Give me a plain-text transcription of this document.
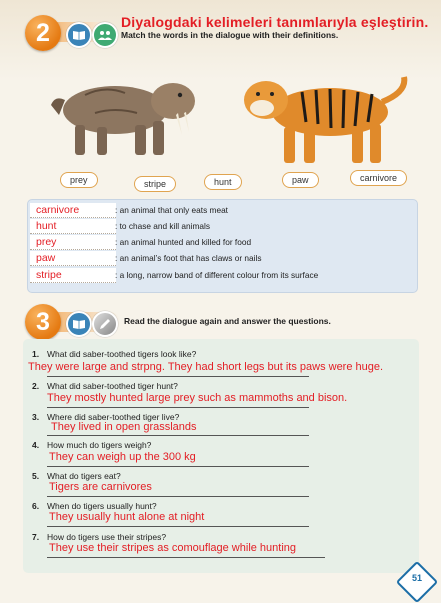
2	Diyalogdaki kelimeleri tanımlarıyla eşleştirin.
Match the words in the dialogue with their definitions.
prey	stripe	hunt	paw	carnivore
carnivore	: an animal that only eats meat
hunt	: to chase and kill animals
prey	: an animal hunted and killed for food
paw	: an animal’s foot that has claws or nails
stripe	: a long, narrow band of different colour from its surface
3	Read the dialogue again and answer the questions.
1. What did saber-toothed tigers look like?
They were large and strpng. They had short legs but its paws were huge.
2. What did saber-toothed tiger hunt?
They mostly hunted large prey such as mammoths and bison.
3. Where did saber-toothed tiger live?
They lived in open grasslands
4. How much do tigers weigh?
They can weigh up the 300 kg
5. What do tigers eat?
Tigers are carnivores
6. When do tigers usually hunt?
They usually hunt alone at night
7. How do tigers use their stripes?
They use their stripes as comouflage while hunting
51
